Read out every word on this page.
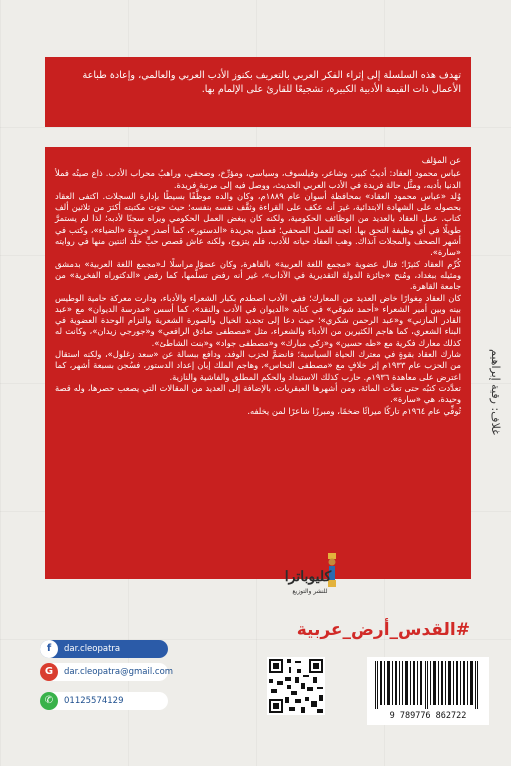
تهدف هذه السلسلة إلى إثراء الفكر العربي بالتعريف بكنوز الأدب العربي والعالمي، وإعادة طباعة الأعمال ذات القيمة الأدبية الكبيرة، تشجيعًا للقارئ على الإلمام بها.

عن المؤلف

عباس محمود العقاد: أديبٌ كبير، وشاعر، وفيلسوف، وسياسي، ومؤرِّخ، وصحفي، وراهبُ محراب الأدب. ذاع صيتُه فملأ الدنيا بأدبه، ومثَّل حالة فريدة في الأدب العربي الحديث، ووصل فيه إلى مرتبة فريدة.

وُلد «عباس محمود العقاد» بمحافظة أسوان عام ١٨٨٩م، وكان والده موظَّفًا بسيطًا بإدارة السجلات. اكتفى العقاد بحصوله على الشهادة الابتدائية، غيرَ أنه عكف على القراءة وثقَّف نفسه بنفسه؛ حيث حوَت مكتبته أكثرَ من ثلاثين ألف كتاب. عمل العقاد بالعديد من الوظائف الحكومية، ولكنه كان يبغض العمل الحكومي ويراه سجنًا لأدبه؛ لذا لم يستمرَّ طويلًا في أي وظيفة التحق بها. اتجه للعمل الصحفي؛ فعمل بجريدة «الدستور»، كما أصدر جريدة «الضياء»، وكتب في أشهر الصحف والمجلات آنذاك. وهب العقاد حياته للأدب، فلم يتزوج، ولكنه عاش قصص حبٍّ خلَّد اثنتين منها في روايته «سارة».

كُرِّم العقاد كثيرًا؛ فنال عضوية «مجمع اللغة العربية» بالقاهرة، وكان عضوًا مراسلًا لـ«مجمع اللغة العربية» بدمشق ومثيله ببغداد، ومُنح «جائزة الدولة التقديرية في الآداب»، غير أنه رفض تسلُّمها، كما رفض «الدكتوراه الفخرية» من جامعة القاهرة.

كان العقاد مِغوارًا خاض العديد من المعارك؛ ففي الأدب اصطدم بكبار الشعراء والأدباء، ودارت معركة حامية الوطيس بينه وبين أمير الشعراء «أحمد شوقي» في كتابه «الديوان في الأدب والنقد»، كما أسس «مدرسة الديوان» مع «عبد القادر المازني» و«عبد الرحمن شكري»؛ حيث دعا إلى تجديد الخيال والصورة الشعرية والتزام الوحدة العضوية في البناء الشعري، كما هاجم الكثيرين من الأدباء والشعراء، مثل «مصطفى صادق الرافعي» و«جورجي زيدان»، وكانت له كذلك معارك فكرية مع «طه حسين» و«زكي مبارك» و«مصطفى جواد» و«بنت الشاطئ».

شارك العقاد بقوةٍ في معترك الحياة السياسية؛ فانضمَّ لحزب الوفد، ودافع ببسالة عن «سعد زغلول»، ولكنه استقال من الحزب عام ١٩٣٣م إثر خلافٍ مع «مصطفى النحاس»، وهاجم الملك إبان إعداد الدستور، فسُجن بسبعة أشهر، كما اعترض على معاهدة ١٩٣٦م. حارب كذلك الاستبداد والحكم المطلق والفاشية والنازية.

تعدَّدت كتبُه حتى تعدَّت المائة، ومن أشهرها العبقريات، بالإضافة إلى العديد من المقالات التي يصعب حصرها، وله قصة وحيدة، هي «سارة».

تُوفِّي عام ١٩٦٤م تاركًا ميراثًا ضخمًا، ومبرزًا شاعرًا لمن يخلفه.	غلاف: رقية إبراهيم
كليوباترا
للنشر والتوزيع
#القدس_أرض_عربية
f	dar.cleopatra
G	dar.cleopatra@gmail.com
✆	01125574129
9 789776 862722
